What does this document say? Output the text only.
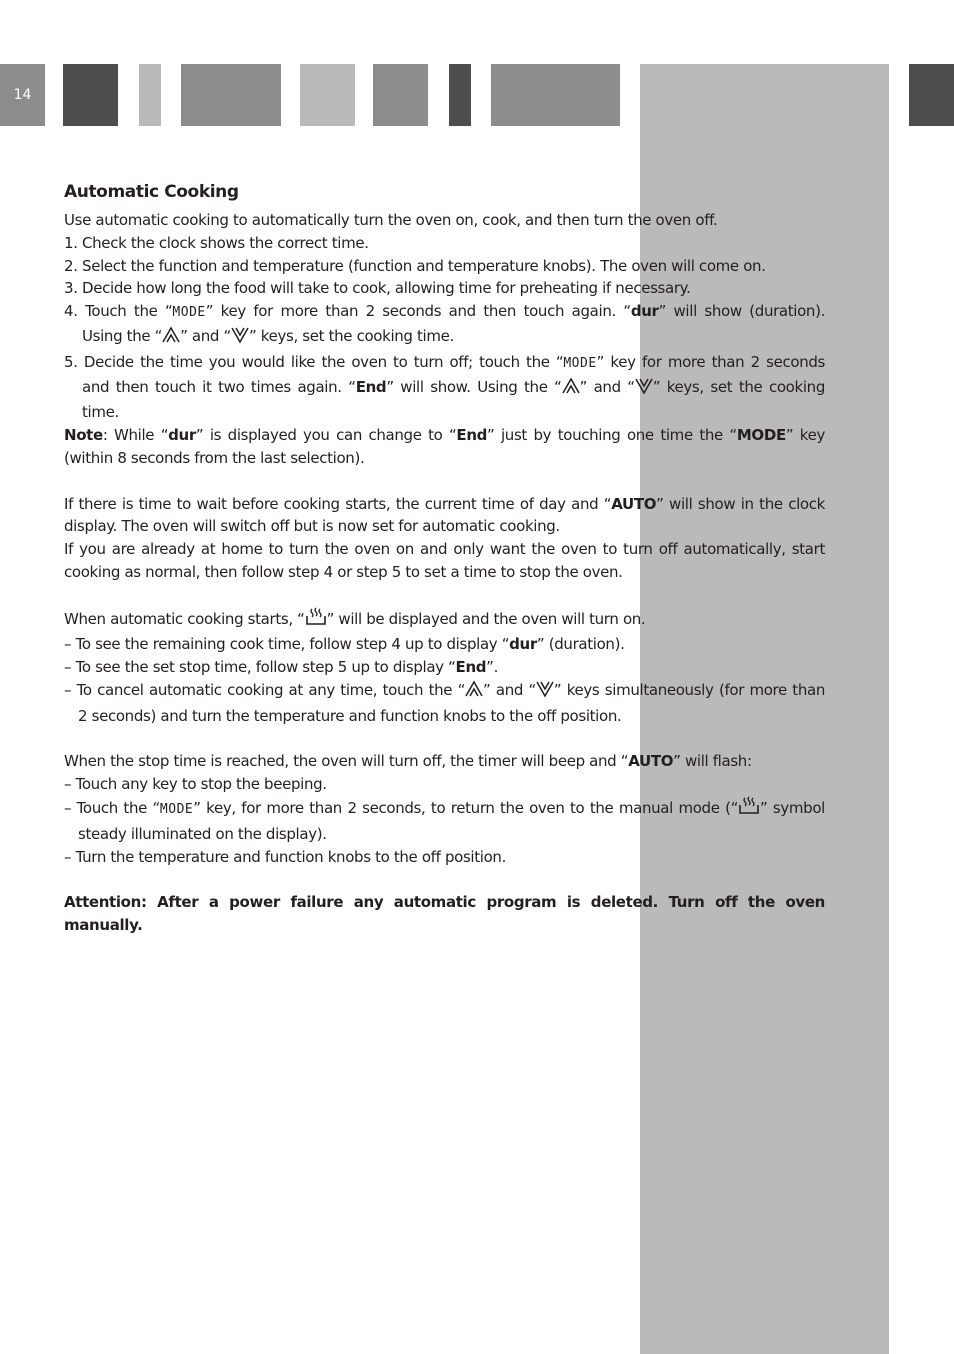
14
Automatic Cooking
Use automatic cooking to automatically turn the oven on, cook, and then turn the oven off.
1. Check the clock shows the correct time.
2. Select the function and temperature (function and temperature knobs). The oven will come on.
3. Decide how long the food will take to cook, allowing time for preheating if necessary.
4. Touch the “MODE” key for more than 2 seconds and then touch again. “dur” will show (duration).
Using the “ ” and “ ” keys, set the cooking time.
5. Decide the time you would like the oven to turn off; touch the “MODE” key for more than 2 seconds
and then touch it two times again. “End” will show. Using the “ ” and “ ” keys, set the cooking
time.
Note: While “dur” is displayed you can change to “End” just by touching one time the “MODE” key
(within 8 seconds from the last selection).
If there is time to wait before cooking starts, the current time of day and “AUTO” will show in the clock
display. The oven will switch off but is now set for automatic cooking.
If you are already at home to turn the oven on and only want the oven to turn off automatically, start
cooking as normal, then follow step 4 or step 5 to set a time to stop the oven.
When automatic cooking starts, “ ” will be displayed and the oven will turn on.
– To see the remaining cook time, follow step 4 up to display “dur” (duration).
– To see the set stop time, follow step 5 up to display “End”.
– To cancel automatic cooking at any time, touch the “ ” and “ ” keys simultaneously (for more than
2 seconds) and turn the temperature and function knobs to the off position.
When the stop time is reached, the oven will turn off, the timer will beep and “AUTO” will flash:
– Touch any key to stop the beeping.
– Touch the “MODE” key, for more than 2 seconds, to return the oven to the manual mode (“ ” symbol
steady illuminated on the display).
– Turn the temperature and function knobs to the off position.
Attention: After a power failure any automatic program is deleted. Turn off the oven
manually.
